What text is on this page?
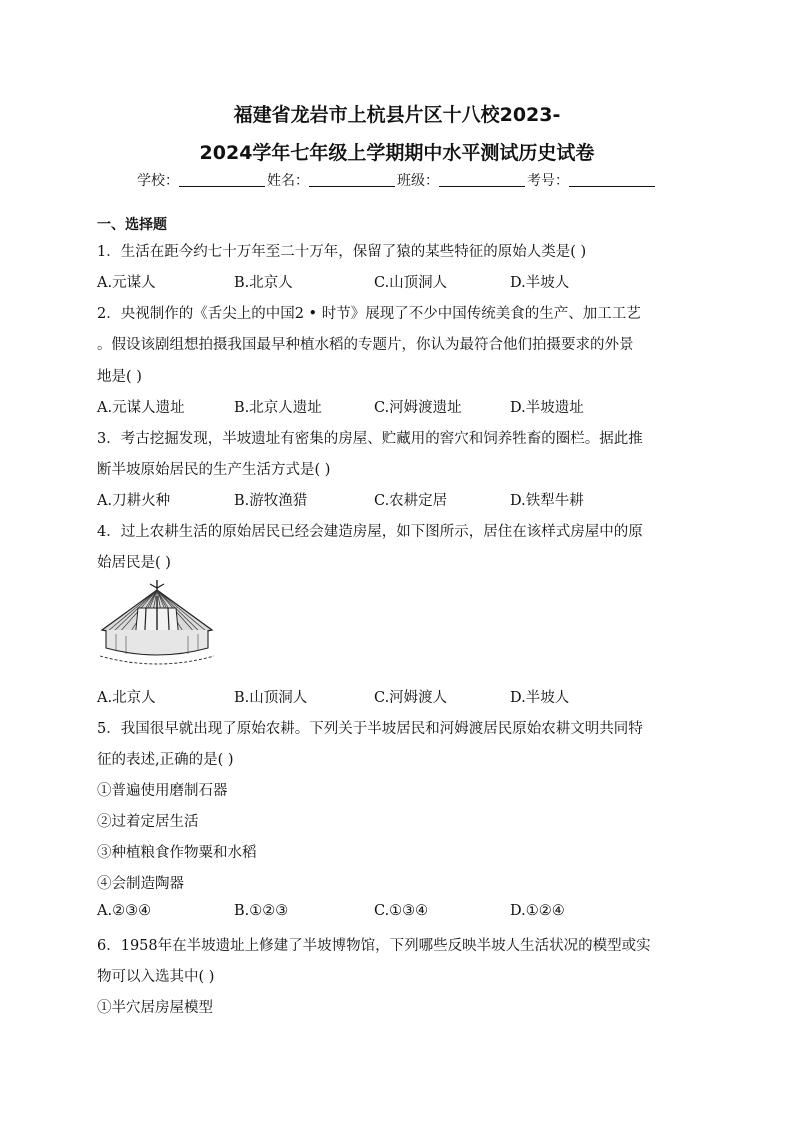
福建省龙岩市上杭县片区十八校2023-
2024学年七年级上学期期中水平测试历史试卷
学校：	姓名：	班级：	考号：
一、选择题
1．生活在距今约七十万年至二十万年，保留了猿的某些特征的原始人类是( )
A.元谋人	B.北京人	C.山顶洞人	D.半坡人
2．央视制作的《舌尖上的中国2 • 时节》展现了不少中国传统美食的生产、加工工艺
。假设该剧组想拍摄我国最早种植水稻的专题片，你认为最符合他们拍摄要求的外景
地是( )
A.元谋人遗址	B.北京人遗址	C.河姆渡遗址	D.半坡遗址
3．考古挖掘发现，半坡遗址有密集的房屋、贮藏用的窖穴和饲养牲畜的圈栏。据此推
断半坡原始居民的生产生活方式是( )
A.刀耕火种	B.游牧渔猎	C.农耕定居	D.铁犁牛耕
4．过上农耕生活的原始居民已经会建造房屋，如下图所示，居住在该样式房屋中的原
始居民是( )
A.北京人	B.山顶洞人	C.河姆渡人	D.半坡人
5．我国很早就出现了原始农耕。下列关于半坡居民和河姆渡居民原始农耕文明共同特
征的表述,正确的是( )
①普遍使用磨制石器
②过着定居生活
③种植粮食作物粟和水稻
④会制造陶器
A.②③④	B.①②③	C.①③④	D.①②④
6．1958年在半坡遗址上修建了半坡博物馆，下列哪些反映半坡人生活状况的模型或实
物可以入选其中( )
①半穴居房屋模型
